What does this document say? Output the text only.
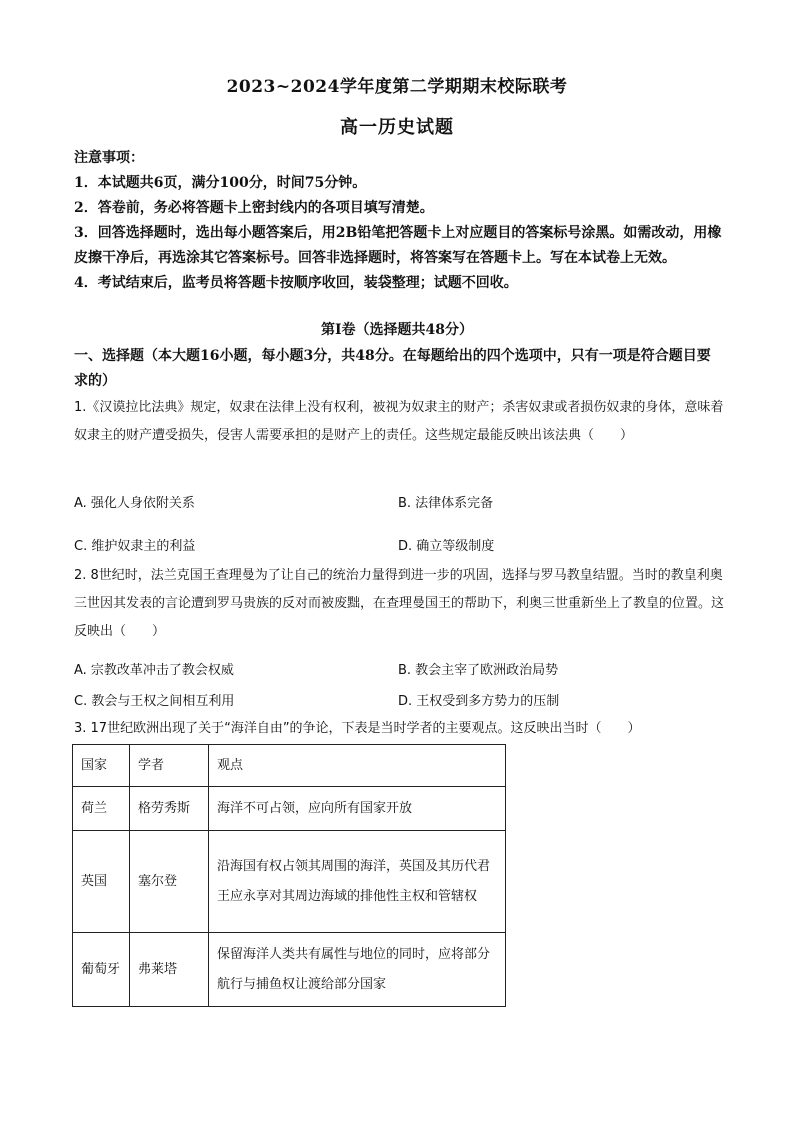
2023~2024学年度第二学期期末校际联考
高一历史试题
注意事项：
1．本试题共6页，满分100分，时间75分钟。
2．答卷前，务必将答题卡上密封线内的各项目填写清楚。
3．回答选择题时，选出每小题答案后，用2B铅笔把答题卡上对应题目的答案标号涂黑。如需改动，用橡皮擦干净后，再选涂其它答案标号。回答非选择题时，将答案写在答题卡上。写在本试卷上无效。
4．考试结束后，监考员将答题卡按顺序收回，装袋整理；试题不回收。
第Ⅰ卷（选择题共48分）
一、选择题（本大题16小题，每小题3分，共48分。在每题给出的四个选项中，只有一项是符合题目要求的）
1.《汉谟拉比法典》规定，奴隶在法律上没有权利，被视为奴隶主的财产；杀害奴隶或者损伤奴隶的身体，意味着奴隶主的财产遭受损失，侵害人需要承担的是财产上的责任。这些规定最能反映出该法典（　　）
A. 强化人身依附关系	B. 法律体系完备
C. 维护奴隶主的利益	D. 确立等级制度
2. 8世纪时，法兰克国王查理曼为了让自己的统治力量得到进一步的巩固，选择与罗马教皇结盟。当时的教皇利奥三世因其发表的言论遭到罗马贵族的反对而被废黜，在查理曼国王的帮助下，利奥三世重新坐上了教皇的位置。这反映出（　　）
A. 宗教改革冲击了教会权威	B. 教会主宰了欧洲政治局势
C. 教会与王权之间相互利用	D. 王权受到多方势力的压制
3. 17世纪欧洲出现了关于“海洋自由”的争论，下表是当时学者的主要观点。这反映出当时（　　）
国家	学者	观点
荷兰	格劳秀斯	海洋不可占领，应向所有国家开放
英国	塞尔登	沿海国有权占领其周围的海洋，英国及其历代君王应永享对其周边海域的排他性主权和管辖权
葡萄牙	弗莱塔	保留海洋人类共有属性与地位的同时，应将部分航行与捕鱼权让渡给部分国家
